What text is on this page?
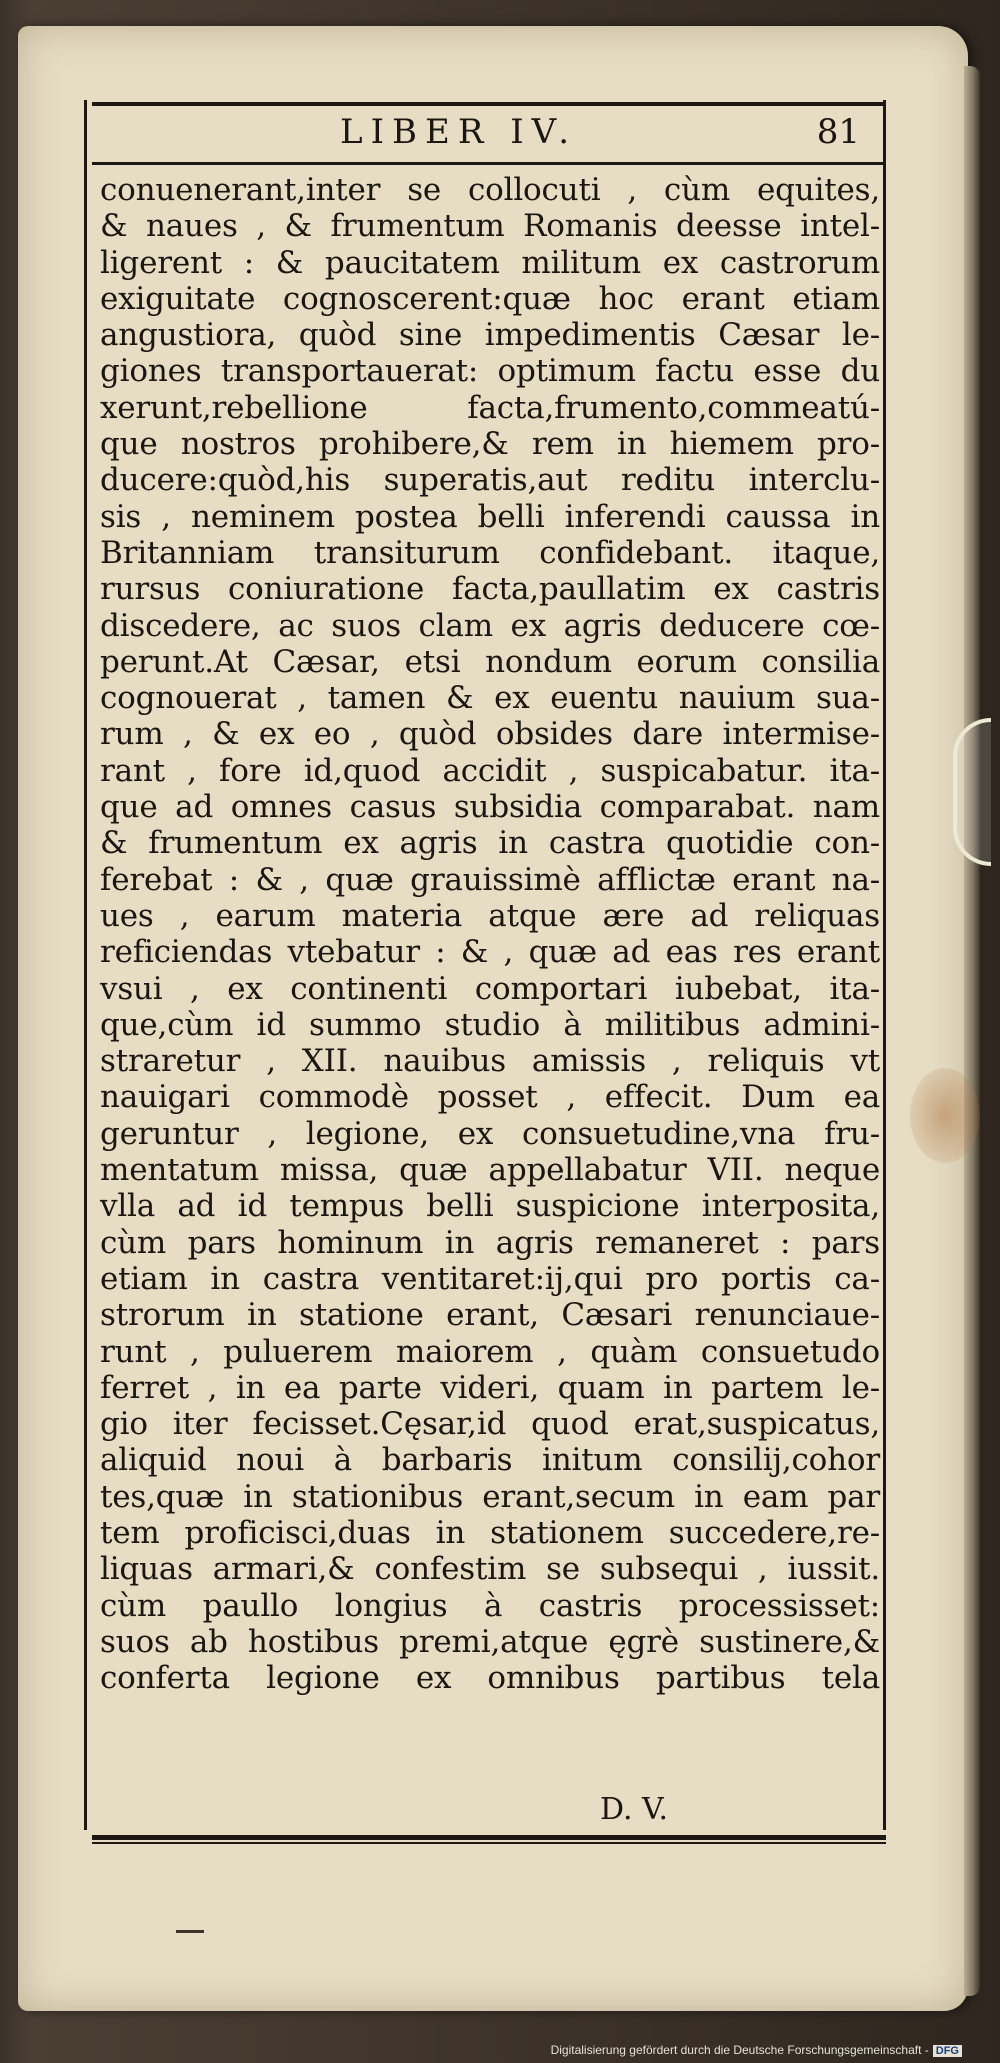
LIBER IV.	81
conuenerant,inter se collocuti , cùm equites,
& naues , & frumentum Romanis deesse intel-
ligerent : & paucitatem militum ex castrorum
exiguitate cognoscerent:quæ hoc erant etiam
angustiora, quòd sine impedimentis Cæsar le-
giones transportauerat: optimum factu esse du
xerunt,rebellione facta,frumento,commeatú-
que nostros prohibere,& rem in hiemem pro-
ducere:quòd,his superatis,aut reditu interclu-
sis , neminem postea belli inferendi caussa in
Britanniam transiturum confidebant. itaque,
rursus coniuratione facta,paullatim ex castris
discedere, ac suos clam ex agris deducere cœ-
perunt.At Cæsar, etsi nondum eorum consilia
cognouerat , tamen & ex euentu nauium sua-
rum , & ex eo , quòd obsides dare intermise-
rant , fore id,quod accidit , suspicabatur. ita-
que ad omnes casus subsidia comparabat. nam
& frumentum ex agris in castra quotidie con-
ferebat : & , quæ grauissimè afflictæ erant na-
ues , earum materia atque ære ad reliquas
reficiendas vtebatur : & , quæ ad eas res erant
vsui , ex continenti comportari iubebat, ita-
que,cùm id summo studio à militibus admini-
straretur , XII. nauibus amissis , reliquis vt
nauigari commodè posset , effecit. Dum ea
geruntur , legione, ex consuetudine,vna fru-
mentatum missa, quæ appellabatur VII. neque
vlla ad id tempus belli suspicione interposita,
cùm pars hominum in agris remaneret : pars
etiam in castra ventitaret:ij,qui pro portis ca-
strorum in statione erant, Cæsari renunciaue-
runt , puluerem maiorem , quàm consuetudo
ferret , in ea parte videri, quam in partem le-
gio iter fecisset.Cęsar,id quod erat,suspicatus,
aliquid noui à barbaris initum consilij,cohor
tes,quæ in stationibus erant,secum in eam par
tem proficisci,duas in stationem succedere,re-
liquas armari,& confestim se subsequi , iussit.
cùm paullo longius à castris processisset:
suos ab hostibus premi,atque ęgrè sustinere,&
conferta legione ex omnibus partibus tela
D. V.
Digitalisierung gefördert durch die Deutsche Forschungsgemeinschaft - DFG
